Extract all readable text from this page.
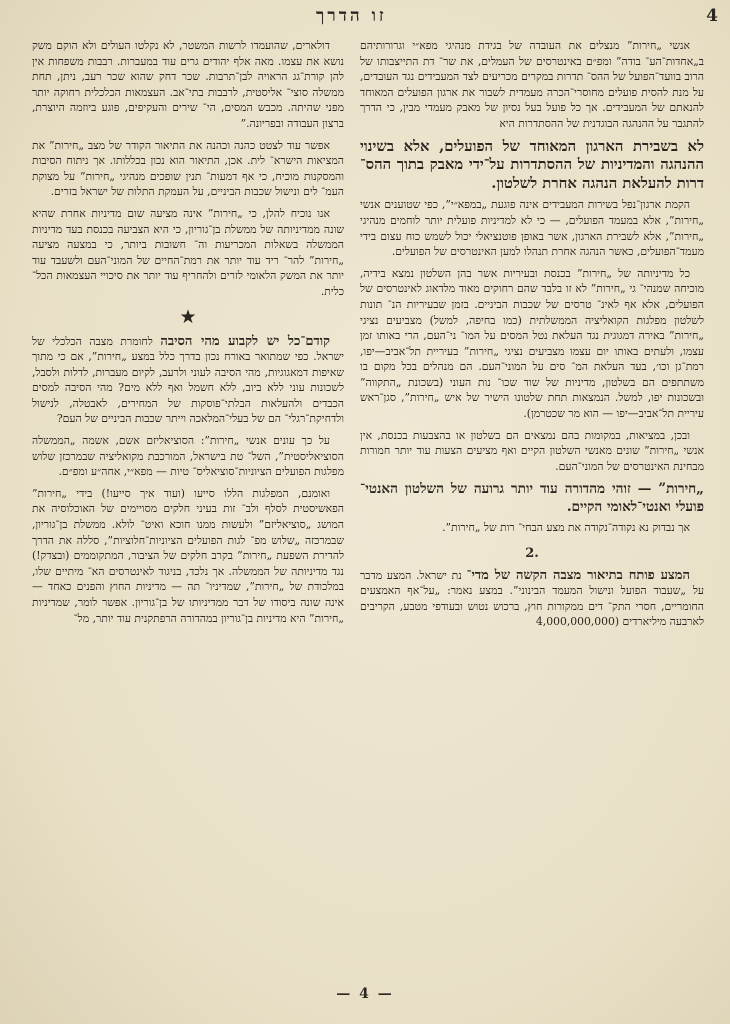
זו הדרך	4

אנשי „חירות” מנצלים את העובדה של בגידת מנהיגי מפא״י וגרורותיהם ב„אחדות־הע־ בודה” ומפ״ם באינטרסים של העמלים, את שר־ דת התייצבותו של הרוב בוועד־הפועל של ההס־ תדרות במקרים מכריעים לצד המעבידים נגד העובדים, על מנת להסית פועלים מחוסרי־הכרה מעמדית לשבור את ארגון הפועלים המאוחד להנאתם של המעבידים. אך כל פועל בעל נסיון של מאבק מעמדי מבין, כי הדרך להתגבר על ההנהגה הבוגדנית של ההסתדרות היא

לא בשבירת הארגון המאוחד של הפועלים, אלא בשינוי ההנהגה והמדיניות של ההסתדרות על־ידי מאבק בתוך ההס־ דרות להעלאת הנהגה אחרת לשלטון.

הקמת ארגון־נפל בשירות המעבידים אינה פוגעת „במפא״י”, כפי שטוענים אנשי „חירות”, אלא במעמד הפועלים, — כי לא למדיניות פועלית יותר לוחמים מנהיגי „חירות”, אלא לשבירת הארגון, אשר באופן פוטנציאלי יכול לשמש כוח עצום בידי מעמד־הפועלים, כאשר הנהגה אחרת תנהלו למען האינטרסים של הפועלים.

כל מדיניותה של „חירות” בכנסת ובעיריות אשר בהן השלטון נמצא בידיה, מוכיחה שמנהי־ גי „חירות” לא זו בלבד שהם רחוקים מאוד מלדאוג לאינטרסים של הפועלים, אלא אף לאינ־ טרסים של שכבות הביניים. בזמן שבעיריות הנ־ תונות לשלטון מפלגות הקואליציה הממשלתית (כמו בחיפה, למשל) מצביעים נציגי „חירות” באירה דמגוגית נגד העלאת נטל המסים על המו־ ני־העם, הרי באותו זמן עצמו, ולעתים באותו יום עצמו מצביעים נציגי „חירות” בעיריית תל־אביב—יפו, רמת־גן וכו׳, בעד העלאת המ־ סים על המוני־העם. הם מנהלים בכל מקום בו משתתפים הם בשלטון, מדיניות של שוד שכו־ נות העוני (בשכונת „התקווה” ובשכונות יפו, למשל. הנמצאות תחת שלטונו הישיר של איש „חירות”, סגן־ראש עיריית תל־אביב—יפו — הוא מר שכטרמן).

ובכן, במציאות, במקומות בהם נמצאים הם בשלטון או בהצבעות בכנסת, אין אנשי „חירות” שונים מאנשי השלטון הקיים ואף מציעים הצעות עוד יותר חמורות מבחינת האינטרסים של המוני־העם.

„חירות” — זוהי מהדורה עוד יותר גרועה של השלטון האנטי־ פועלי ואנטי־לאומי הקיים.

אך נבדוק נא נקודה־נקודה את מצע הבחי־ רות של „חירות”.

.2

המצע פותח בתיאור מצבה הקשה של מדי־ נת ישראל. המצע מדבר על „שעבוד הפועל ונישול המעמד הבינוני”. במצע נאמר: „על־אף האמצעים החומריים, חסרי התק־ דים ממקורות חוץ, ברכוש נטוש ובעודפי מטבע, הקריבים לארבעה מיליארדים (4,000,000,000

דולארים, שהועמדו לרשות המשטר, לא נקלטו העולים ולא הוקם משק נושא את עצמו. מאה אלף יהודים גרים עוד במעברות. רבבות משפחות אין להן קורת־גג הראויה לבן־תרבות. שכר דחק שהוא שכר רעב, ניתן, תחת ממשלה סוצי־ אליסטית, לרבבות בתי־אב. העצמאות הכלכלית רחוקה יותר מפני שהיתה. מכבש המסים, הי־ שירים והעקיפים, פוגע ביוזמה היוצרת, ברצון העבודה ובפריונה.”

אפשר עוד לצטט כהנה וכהנה את התיאור הקודר של מצב „חירות” את המציאות הישרא־ לית. אכן, התיאור הוא נכון בכללותו. אך ניתוח הסיבות והמסקנות מוכיח, כי אף דמעות־ תנין שופכים מנהיגי „חירות” על מצוקת העמ־ לים ונישול שכבות הביניים, על העמקת התלות של ישראל בזרים.

אנו נוכיח להלן, כי „חירות” אינה מציעה שום מדיניות אחרת שהיא שונה ממדיניותה של ממשלת בן־גוריון, כי היא הצביעה בכנסת בעד מדיניות הממשלה בשאלות המכריעות וה־ חשובות ביותר, כי במצעה מציעה „חירות” להר־ ריד עוד יותר את רמת־החיים של המוני־העם ולשעבד עוד יותר את המשק הלאומי לזרים ולהחריף עוד יותר את סיכויי העצמאות הכל־ כלית.

★

קודם־כל יש לקבוע מהי הסיבה לחומרת מצבה הכלכלי של ישראל. כפי שמתואר באורח נכון בדרך כלל במצע „חירות”, אם כי מתוך שאיפות דמאגוגיות, מהי הסיבה לעוני ולרעב, לקיום מעברות, לדלות ולסבל, לשכונות עוני ללא ביוב, ללא חשמל ואף ללא מים? מהי הסיבה למסים הכבדים ולהעלאות הבלתי־פוסקות של המחירים, לאבטלה, לנישול ולדחיקת־רגלי־ הם של בעלי־המלאכה וייתר שכבות הביניים של העם?

על כך עונים אנשי „חירות”: הסוציאליזם אשם, אשמה „הממשלה הסוציאליסטית”, השל־ טת בישראל, המורכבת מקואליציה שבמרכזן שלוש מפלגות הפועלים הציוניות־סוציאליס־ טיות — מפא״י, אחה״ע ומפ״ם.

ואומנם, המפלגות הללו סייעו (ועוד איך סייעו!) בידי „חירות” הפאשיסטית לסלף ולב־ זות בעיני חלקים מסויימים של האוכלוסיה את המושג „סוציאליזם” ולעשות ממנו חוכא ואיט־ לולא. ממשלת בן־גוריון, שבמרכזה „שלוש מפ־ לגות הפועלים הציוניות־חלוציות”, סללה את הדרך להדירת השפעת „חירות” בקרב חלקים של הציבור, המתקוממים (ובצדק!) נגד מדיניותה של הממשלה. אך נלכד, בניגוד לאינטרסים הא־ מיתיים שלו, במלכודת של „חירות”, שמדיניו־ תה — מדיניות החוץ והפנים כאחד — אינה שונה ביסודו של דבר ממדיניותו של בן־גוריון. אפשר לומר, שמדיניות „חירות” היא מדיניות בן־גוריון במהדורה הרפתקנית עוד יותר, מל־

— 4 —
